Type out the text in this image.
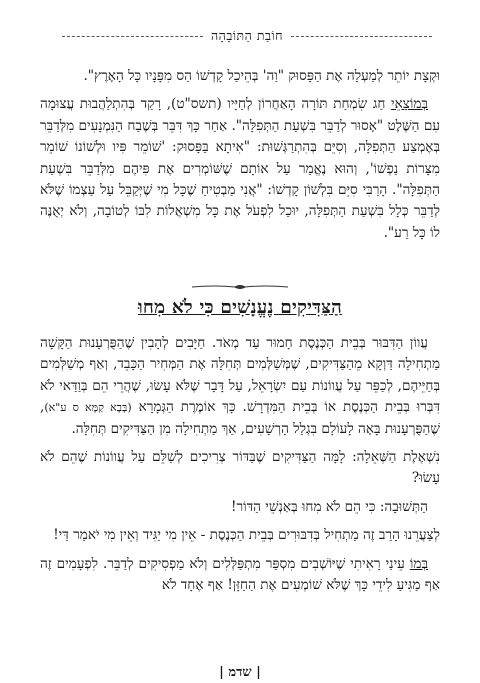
חוֹבַת הַתּוֹבָהָה

וּקְצָת יוֹתֵר לְמַעְלָה אֶת הַפָּסוּק "וַה' בְּהֵיכַל קָדְשׁוֹ הַס מִפָּנָיו כָּל הָאָרֶץ".

בְּמוֹצָאֵי חַג שִׂמְחַת תּוֹרָה הָאַחֲרוֹן לְחַיָּיו (תשס"ט), רָקַד בְּהִתְלַהֲבוּת עֲצוּמָה עִם הַשֶּׁלֶט "אָסוּר לְדַבֵּר בִּשְׁעַת הַתְּפִלָּה". אַחַר כָּךְ דִּבֵּר בְּשֶׁבַח הַנִּמְנָעִים מִלְּדַבֵּר בְּאֶמְצַע הַתְּפִלָּה, וְסִיֵּם בְּהִתְרַגְּשׁוּת: "אִיתָא בַּפָּסוּק: 'שׁוֹמֵר פִּיו וּלְשׁוֹנוֹ שׁוֹמֵר מִצָּרוֹת נַפְשׁוֹ', וְהוּא נֶאֱמַר עַל אוֹתָם שֶׁשּׁוֹמְרִים אֶת פִּיהֶם מִלְּדַבֵּר בִּשְׁעַת הַתְּפִלָּה". הָרַבִּי סִיֵּם בִּלְשׁוֹן קָדְשׁוֹ: "אֲנִי מַבְטִיחַ שֶׁכָּל מִי שֶׁיְּקַבֵּל עַל עַצְמוֹ שֶׁלֹּא לְדַבֵּר כְּלָל בִּשְׁעַת הַתְּפִלָּה, יוּכַל לִפְעֹל אֶת כָּל מִשְׁאֲלוֹת לִבּוֹ לְטוֹבָה, וְלֹא יְאֻנֶּה לוֹ כָּל רַע".

הַצַּדִּיקִים נֶעֱנָשִׁים כִּי לֹא מִחוּ

עֲווֹן הַדִּבּוּר בְּבֵית הַכְּנֶסֶת חָמוּר עַד מְאֹד. חַיָּבִים לְהָבִין שֶׁהַפֻּרְעָנוּת הַקָּשָׁה מַתְחִילָה דַּוְקָא מֵהַצַּדִּיקִים, שֶׁמְּשַׁלְּמִים תְּחִלָּה אֶת הַמְּחִיר הַכָּבֵד, וְאַף מְשַׁלְּמִים בְּחַיֵּיהֶם, לְכַפֵּר עַל עֲווֹנוֹת עַם יִשְׂרָאֵל, עַל דָּבָר שֶׁלֹּא עָשׂוּ, שֶׁהֲרֵי הֵם בְּוַדַּאי לֹא דִּבְּרוּ בְּבֵית הַכְּנֶסֶת אוֹ בְּבֵית הַמִּדְרָשׁ. כָּךְ אוֹמֶרֶת הַגְּמָרָא (בָּבָא קַמָּא ס ע"א), שֶׁהַפֻּרְעָנוּת בָּאָה לָעוֹלָם בִּגְלַל הָרְשָׁעִים, אַךְ מַתְחִילָה מִן הַצַּדִּיקִים תְּחִלָּה.

נִשְׁאֶלֶת הַשְּׁאֵלָה: לָמָּה הַצַּדִּיקִים שֶׁבַּדּוֹר צְרִיכִים לְשַׁלֵּם עַל עֲווֹנוֹת שֶׁהֵם לֹא עָשׂוּ?

הַתְּשׁוּבָה: כִּי הֵם לֹא מִחוּ בְּאַנְשֵׁי הַדּוֹר!

לְצַעֲרֵנוּ הָרַב זֶה מַתְחִיל בְּדִבּוּרִים בְּבֵית הַכְּנֶסֶת - אֵין מִי יַגִּיד וְאֵין מִי יֹאמַר דַּי!

בְּמוֹ עֵינַי רָאִיתִי שֶׁיּוֹשְׁבִים מִסְפַּר מִתְפַּלְּלִים וְלֹא מַפְסִיקִים לְדַבֵּר. לִפְעָמִים זֶה אַף מַגִּיעַ לִידֵי כָּךְ שֶׁלֹּא שׁוֹמְעִים אֶת הַחַזָּן! אַף אֶחָד לֹא

| שדמ |
